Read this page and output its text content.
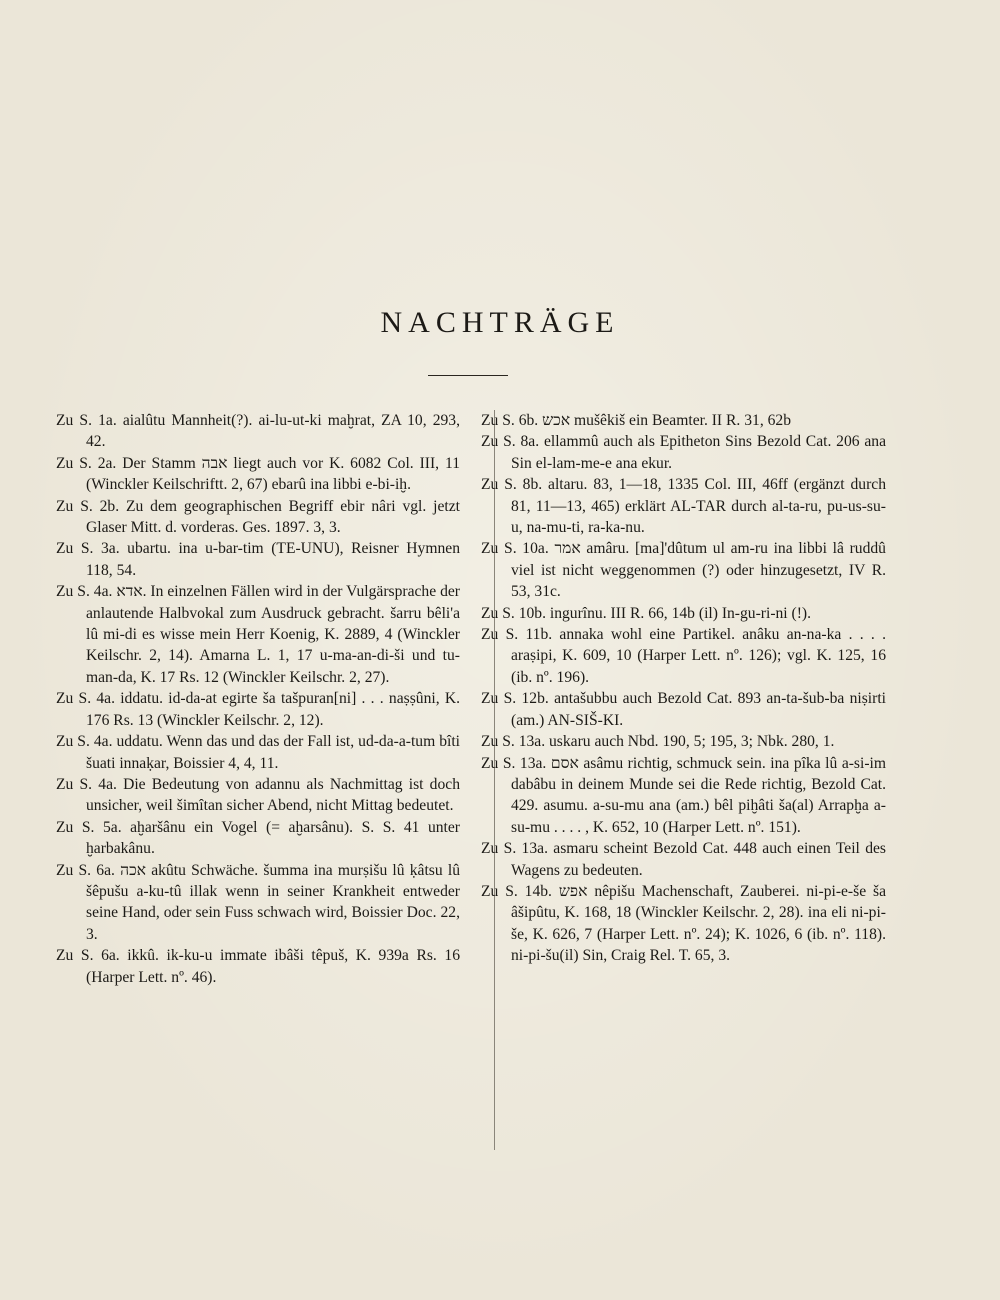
NACHTRÄGE

Zu S. 1a. aialûtu Mannheit(?). ai-lu-ut-ki maḫrat, ZA 10, 293, 42.

Zu S. 2a. Der Stamm אבה liegt auch vor K. 6082 Col. III, 11 (Winckler Keilschriftt. 2, 67) ebarû ina libbi e-bi-iḫ.

Zu S. 2b. Zu dem geographischen Begriff ebir nâri vgl. jetzt Glaser Mitt. d. vorderas. Ges. 1897. 3, 3.

Zu S. 3a. ubartu. ina u-bar-tim (TE-UNU), Reisner Hymnen 118, 54.

Zu S. 4a. אדא. In einzelnen Fällen wird in der Vulgärsprache der anlautende Halbvokal zum Ausdruck gebracht. šarru bêli'a lû mi-di es wisse mein Herr Koenig, K. 2889, 4 (Winckler Keilschr. 2, 14). Amarna L. 1, 17 u-ma-an-di-ši und tu-man-da, K. 17 Rs. 12 (Winckler Keilschr. 2, 27).

Zu S. 4a. iddatu. id-da-at egirte ša tašpuran[ni] . . . naṣṣûni, K. 176 Rs. 13 (Winckler Keilschr. 2, 12).

Zu S. 4a. uddatu. Wenn das und das der Fall ist, ud-da-a-tum bîti šuati innaḳar, Boissier 4, 4, 11.

Zu S. 4a. Die Bedeutung von adannu als Nachmittag ist doch unsicher, weil šimîtan sicher Abend, nicht Mittag bedeutet.

Zu S. 5a. aḫaršânu ein Vogel (= aḫarsânu). S. S. 41 unter ḫarbakânu.

Zu S. 6a. אכה akûtu Schwäche. šumma ina murṣišu lû ḳâtsu lû šêpušu a-ku-tû illak wenn in seiner Krankheit entweder seine Hand, oder sein Fuss schwach wird, Boissier Doc. 22, 3.

Zu S. 6a. ikkû. ik-ku-u immate ibâši têpuš, K. 939a Rs. 16 (Harper Lett. nº. 46).

Zu S. 6b. אכש mušêkiš ein Beamter. II R. 31, 62b

Zu S. 8a. ellammû auch als Epitheton Sins Bezold Cat. 206 ana Sin el-lam-me-e ana ekur.

Zu S. 8b. altaru. 83, 1—18, 1335 Col. III, 46ff (ergänzt durch 81, 11—13, 465) erklärt AL-TAR durch al-ta-ru, pu-us-su-u, na-mu-ti, ra-ka-nu.

Zu S. 10a. אמר amâru. [ma]'dûtum ul am-ru ina libbi lâ ruddû viel ist nicht weggenommen (?) oder hinzugesetzt, IV R. 53, 31c.

Zu S. 10b. ingurînu. III R. 66, 14b (il) In-gu-ri-ni (!).

Zu S. 11b. annaka wohl eine Partikel. anâku an-na-ka . . . . araṣipi, K. 609, 10 (Harper Lett. nº. 126); vgl. K. 125, 16 (ib. nº. 196).

Zu S. 12b. antašubbu auch Bezold Cat. 893 an-ta-šub-ba niṣirti (am.) AN-SIŠ-KI.

Zu S. 13a. uskaru auch Nbd. 190, 5; 195, 3; Nbk. 280, 1.

Zu S. 13a. אסם asâmu richtig, schmuck sein. ina pîka lû a-si-im dabâbu in deinem Munde sei die Rede richtig, Bezold Cat. 429. asumu. a-su-mu ana (am.) bêl piḫâti ša(al) Arrapḫa a-su-mu . . . . , K. 652, 10 (Harper Lett. nº. 151).

Zu S. 13a. asmaru scheint Bezold Cat. 448 auch einen Teil des Wagens zu bedeuten.

Zu S. 14b. אפש nêpišu Machenschaft, Zauberei. ni-pi-e-še ša âšipûtu, K. 168, 18 (Winckler Keilschr. 2, 28). ina eli ni-pi-še, K. 626, 7 (Harper Lett. nº. 24); K. 1026, 6 (ib. nº. 118). ni-pi-šu(il) Sin, Craig Rel. T. 65, 3.
